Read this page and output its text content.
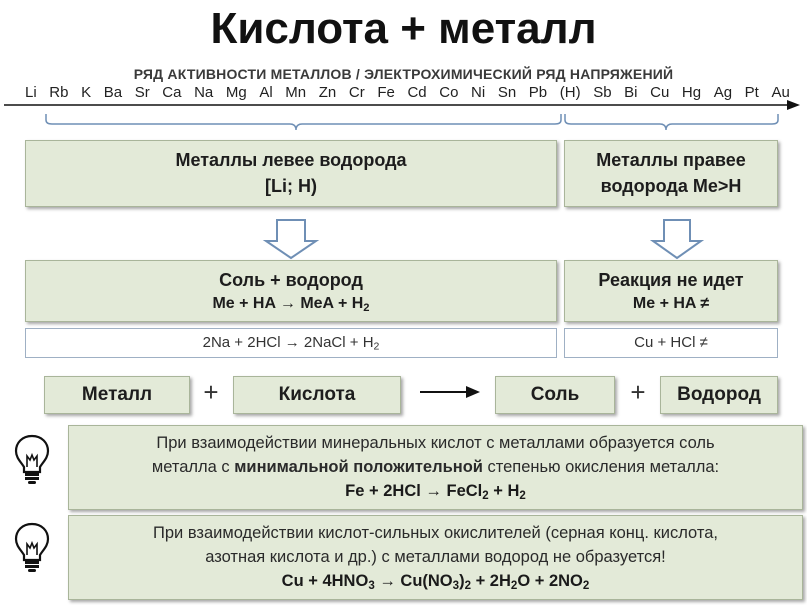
Кислота + металл
РЯД АКТИВНОСТИ МЕТАЛЛОВ / ЭЛЕКТРОХИМИЧЕСКИЙ РЯД НАПРЯЖЕНИЙ
Li Rb K Ba Sr Ca Na Mg Al Mn Zn Cr Fe Cd Co Ni Sn Pb (H) Sb Bi Cu Hg Ag Pt Au
Металлы левее водорода
[Li; H)
Металлы правее
водорода Me>H
Соль + водород
Me + HA → MeA + $H_2$
Реакция не идет
Me + HA ≠
2Na + 2HCl → 2NaCl + $H_2$	Cu + HCl ≠
Металл	+	Кислота	Соль	+	Водород
При взаимодействии минеральных кислот с металлами образуется соль
металла с минимальной положительной степенью окисления металла:
Fe + 2HCl → FeCl$_2$ + $H_2$
При взаимодействии кислот-сильных окислителей (серная конц. кислота,
азотная кислота и др.) с металлами водород не образуется!
$Cu + 4HNO_3 \to Cu(NO_3)_2 + 2H_2O + 2NO_2$
